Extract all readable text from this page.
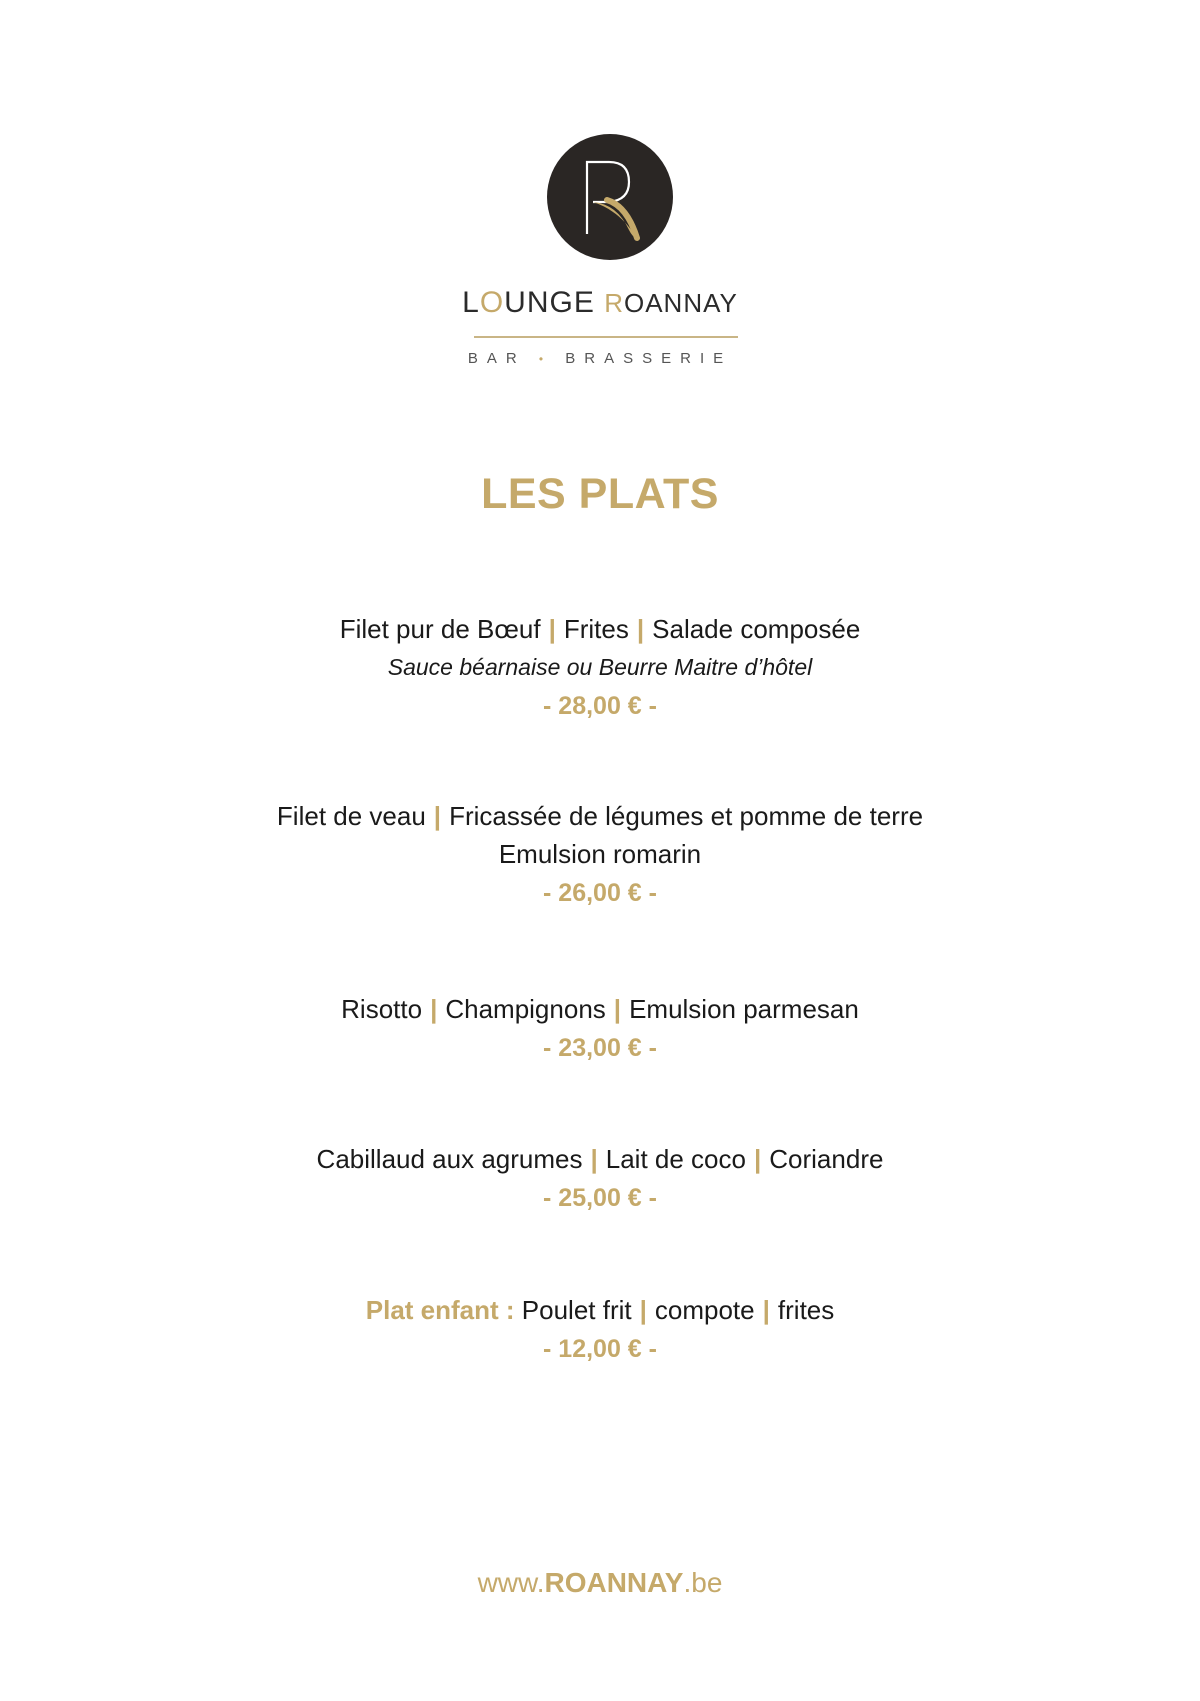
LOUNGE ROANNAY
BAR • BRASSERIE
LES PLATS
Filet pur de Bœuf | Frites | Salade composée
Sauce béarnaise ou Beurre Maitre d’hôtel
- 28,00 € -
Filet de veau | Fricassée de légumes et pomme de terre
Emulsion romarin
- 26,00 € -
Risotto | Champignons | Emulsion parmesan
- 23,00 € -
Cabillaud aux agrumes | Lait de coco | Coriandre
- 25,00 € -
Plat enfant : Poulet frit | compote | frites
- 12,00 € -
www.ROANNAY.be
